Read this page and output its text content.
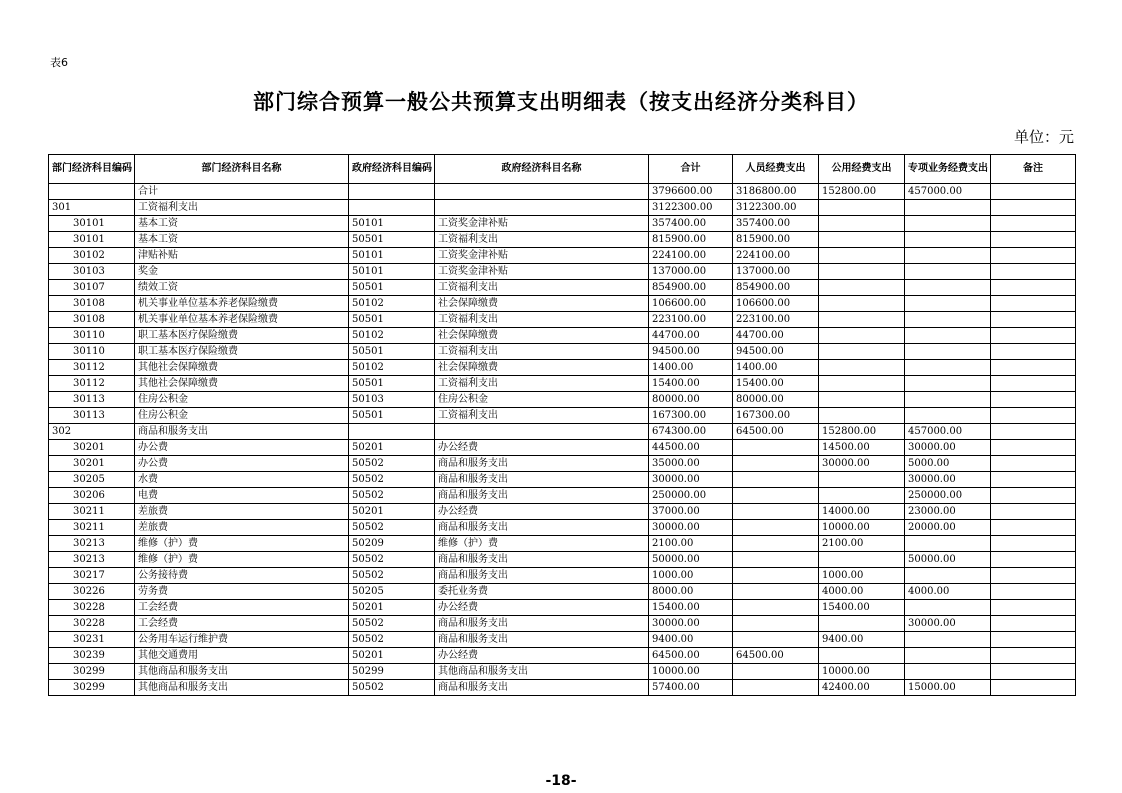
表6
部门综合预算一般公共预算支出明细表（按支出经济分类科目）
单位：元
部门经济科目编码	部门经济科目名称	政府经济科目编码	政府经济科目名称	合计	人员经费支出	公用经费支出	专项业务经费支出	备注
	合计			3796600.00	3186800.00	152800.00	457000.00	
301	工资福利支出			3122300.00	3122300.00			
30101	基本工资	50101	工资奖金津补贴	357400.00	357400.00			
30101	基本工资	50501	工资福利支出	815900.00	815900.00			
30102	津贴补贴	50101	工资奖金津补贴	224100.00	224100.00			
30103	奖金	50101	工资奖金津补贴	137000.00	137000.00			
30107	绩效工资	50501	工资福利支出	854900.00	854900.00			
30108	机关事业单位基本养老保险缴费	50102	社会保障缴费	106600.00	106600.00			
30108	机关事业单位基本养老保险缴费	50501	工资福利支出	223100.00	223100.00			
30110	职工基本医疗保险缴费	50102	社会保障缴费	44700.00	44700.00			
30110	职工基本医疗保险缴费	50501	工资福利支出	94500.00	94500.00			
30112	其他社会保障缴费	50102	社会保障缴费	1400.00	1400.00			
30112	其他社会保障缴费	50501	工资福利支出	15400.00	15400.00			
30113	住房公积金	50103	住房公积金	80000.00	80000.00			
30113	住房公积金	50501	工资福利支出	167300.00	167300.00			
302	商品和服务支出			674300.00	64500.00	152800.00	457000.00	
30201	办公费	50201	办公经费	44500.00		14500.00	30000.00	
30201	办公费	50502	商品和服务支出	35000.00		30000.00	5000.00	
30205	水费	50502	商品和服务支出	30000.00			30000.00	
30206	电费	50502	商品和服务支出	250000.00			250000.00	
30211	差旅费	50201	办公经费	37000.00		14000.00	23000.00	
30211	差旅费	50502	商品和服务支出	30000.00		10000.00	20000.00	
30213	维修（护）费	50209	维修（护）费	2100.00		2100.00		
30213	维修（护）费	50502	商品和服务支出	50000.00			50000.00	
30217	公务接待费	50502	商品和服务支出	1000.00		1000.00		
30226	劳务费	50205	委托业务费	8000.00		4000.00	4000.00	
30228	工会经费	50201	办公经费	15400.00		15400.00		
30228	工会经费	50502	商品和服务支出	30000.00			30000.00	
30231	公务用车运行维护费	50502	商品和服务支出	9400.00		9400.00		
30239	其他交通费用	50201	办公经费	64500.00	64500.00			
30299	其他商品和服务支出	50299	其他商品和服务支出	10000.00		10000.00		
30299	其他商品和服务支出	50502	商品和服务支出	57400.00		42400.00	15000.00	
-18-
